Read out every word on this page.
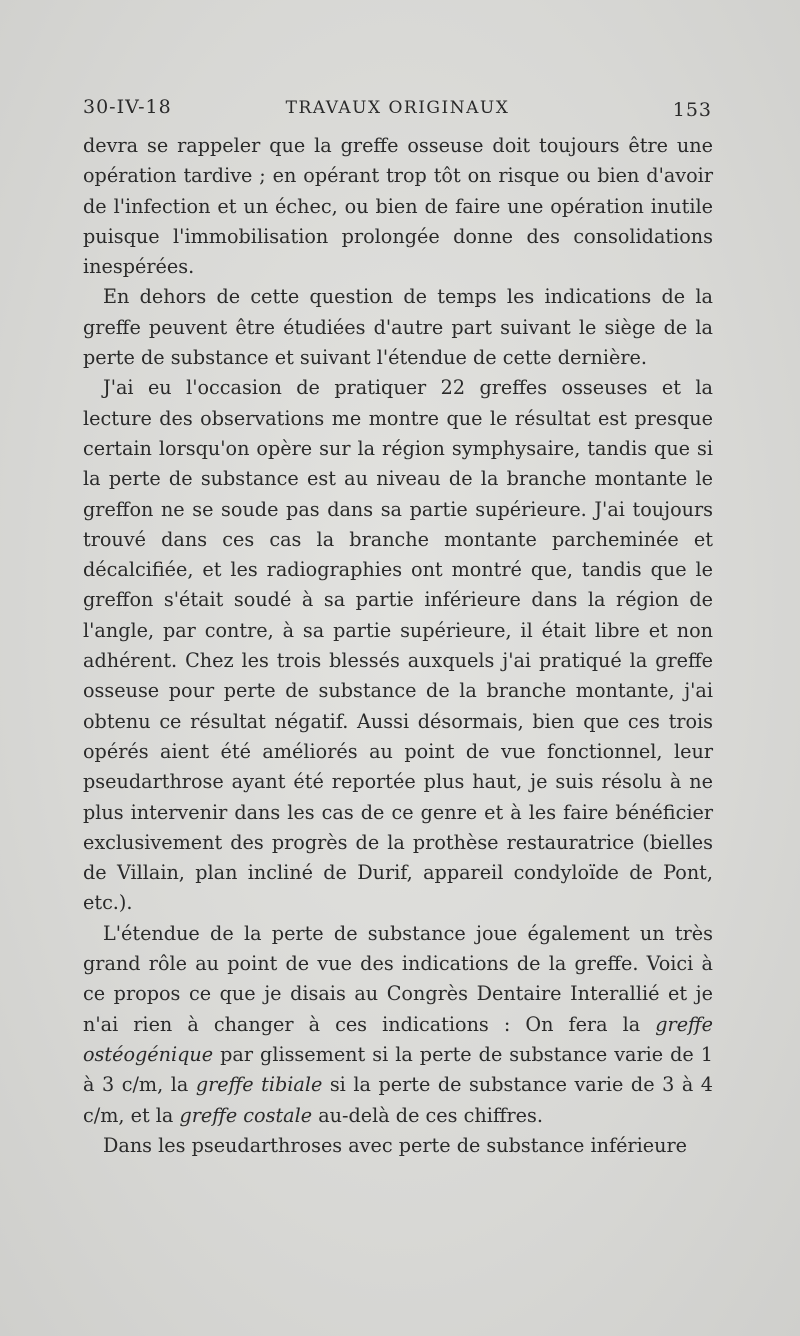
30-IV-18	TRAVAUX ORIGINAUX	153

devra se rappeler que la greffe osseuse doit toujours être une opération tardive ; en opérant trop tôt on risque ou bien d'avoir de l'infection et un échec, ou bien de faire une opération inutile puisque l'immobilisation prolongée donne des consolidations inespérées.

En dehors de cette question de temps les indications de la greffe peuvent être étudiées d'autre part suivant le siège de la perte de substance et suivant l'étendue de cette dernière.

J'ai eu l'occasion de pratiquer 22 greffes osseuses et la lecture des observations me montre que le résultat est presque certain lorsqu'on opère sur la région symphysaire, tandis que si la perte de substance est au niveau de la branche montante le greffon ne se soude pas dans sa partie supérieure. J'ai toujours trouvé dans ces cas la branche montante parcheminée et décalcifiée, et les radiographies ont montré que, tandis que le greffon s'était soudé à sa partie inférieure dans la région de l'angle, par contre, à sa partie supérieure, il était libre et non adhérent. Chez les trois blessés auxquels j'ai pratiqué la greffe osseuse pour perte de substance de la branche montante, j'ai obtenu ce résultat négatif. Aussi désormais, bien que ces trois opérés aient été améliorés au point de vue fonctionnel, leur pseudarthrose ayant été reportée plus haut, je suis résolu à ne plus intervenir dans les cas de ce genre et à les faire bénéficier exclusivement des progrès de la prothèse restauratrice (bielles de Villain, plan incliné de Durif, appareil condyloïde de Pont, etc.).

L'étendue de la perte de substance joue également un très grand rôle au point de vue des indications de la greffe. Voici à ce propos ce que je disais au Congrès Dentaire Interallié et je n'ai rien à changer à ces indications : On fera la greffe ostéogénique par glissement si la perte de substance varie de 1 à 3 c/m, la greffe tibiale si la perte de substance varie de 3 à 4 c/m, et la greffe costale au-delà de ces chiffres.

Dans les pseudarthroses avec perte de substance inférieure
